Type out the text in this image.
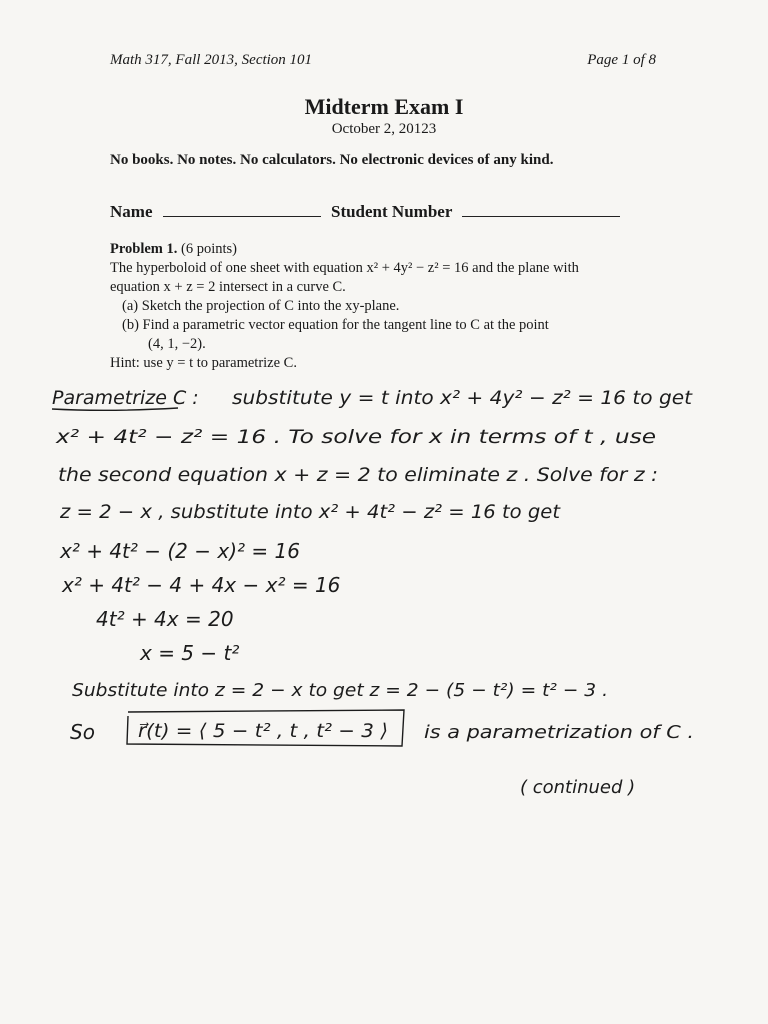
Math 317, Fall 2013, Section 101	Page 1 of 8
Midterm Exam I
October 2, 20123
No books. No notes. No calculators. No electronic devices of any kind.
Name	Student Number
Problem 1. (6 points)
The hyperboloid of one sheet with equation x² + 4y² − z² = 16 and the plane with
equation x + z = 2 intersect in a curve C.
(a) Sketch the projection of C into the xy-plane.
(b) Find a parametric vector equation for the tangent line to C at the point
(4, 1, −2).
Hint: use y = t to parametrize C.
Parametrize C : substitute y = t into x² + 4y² − z² = 16 to get
x² + 4t² − z² = 16 . To solve for x in terms of t , use
the second equation x + z = 2 to eliminate z . Solve for z :
z = 2 − x , substitute into x² + 4t² − z² = 16 to get
x² + 4t² − (2 − x)² = 16
x² + 4t² − 4 + 4x − x² = 16
4t² + 4x = 20
x = 5 − t²
Substitute into z = 2 − x to get z = 2 − (5 − t²) = t² − 3 .
So r⃗(t) = ⟨ 5 − t² , t , t² − 3 ⟩ is a parametrization of C .
( continued )
